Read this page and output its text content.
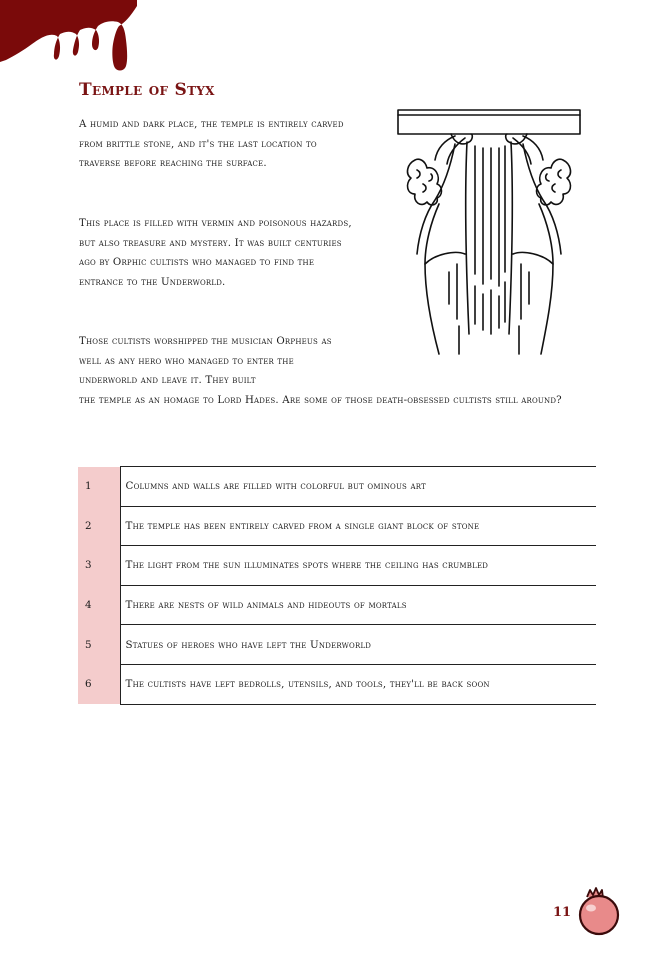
Temple of Styx

A humid and dark place, the temple is entirely carved from brittle stone, and it's the last location to traverse before reaching the surface.

This place is filled with vermin and poisonous hazards, but also treasure and mystery. It was built centuries ago by Orphic cultists who managed to find the entrance to the Underworld.

Those cultists worshipped the musician Orpheus as well as any hero who managed to enter the underworld and leave it. They built
the temple as an homage to Lord Hades. Are some of those death-obsessed cultists still around?

1	Columns and walls are filled with colorful but ominous art
2	The temple has been entirely carved from a single giant block of stone
3	The light from the sun illuminates spots where the ceiling has crumbled
4	There are nests of wild animals and hideouts of mortals
5	Statues of heroes who have left the Underworld
6	The cultists have left bedrolls, utensils, and tools, they'll be back soon
11
